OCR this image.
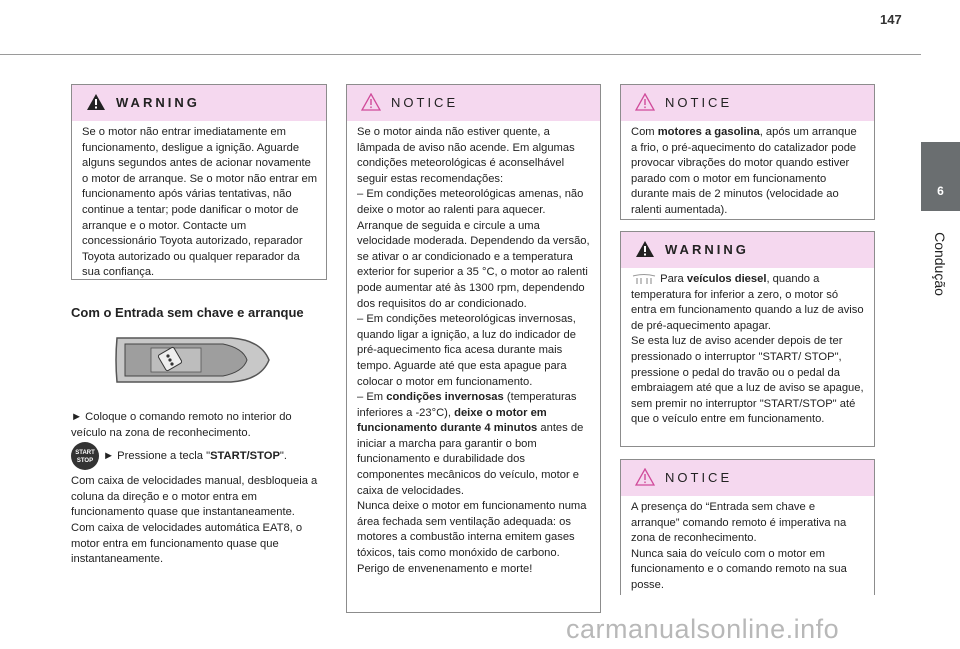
147
6
Condução
WARNING

Se o motor não entrar imediatamente em funcionamento, desligue a ignição. Aguarde alguns segundos antes de acionar novamente o motor de arranque. Se o motor não entrar em funcionamento após várias tentativas, não continue a tentar; pode danificar o motor de arranque e o motor. Contacte um concessionário Toyota autorizado, reparador Toyota autorizado ou qualquer reparador da sua confiança.

Com o Entrada sem chave e arranque
► Coloque o comando remoto no interior do veículo na zona de reconhecimento.
START
STOP ► Pressione a tecla "START/STOP".
Com caixa de velocidades manual, desbloqueia a coluna da direção e o motor entra em funcionamento quase que instantaneamente.
Com caixa de velocidades automática EAT8, o motor entra em funcionamento quase que instantaneamente.
NOTICE

Se o motor ainda não estiver quente, a lâmpada de aviso não acende. Em algumas condições meteorológicas é aconselhável seguir estas recomendações:

– Em condições meteorológicas amenas, não deixe o motor ao ralenti para aquecer. Arranque de seguida e circule a uma velocidade moderada. Dependendo da versão, se ativar o ar condicionado e a temperatura exterior for superior a 35 °C, o motor ao ralenti pode aumentar até às 1300 rpm, dependendo dos requisitos do ar condicionado.

– Em condições meteorológicas invernosas, quando ligar a ignição, a luz do indicador de pré-aquecimento fica acesa durante mais tempo. Aguarde até que esta apague para colocar o motor em funcionamento.

– Em condições invernosas (temperaturas inferiores a -23°C), deixe o motor em funcionamento durante 4 minutos antes de iniciar a marcha para garantir o bom funcionamento e durabilidade dos componentes mecânicos do veículo, motor e caixa de velocidades.

Nunca deixe o motor em funcionamento numa área fechada sem ventilação adequada: os motores a combustão interna emitem gases tóxicos, tais como monóxido de carbono. Perigo de envenenamento e morte!

NOTICE

Com motores a gasolina, após um arranque a frio, o pré-aquecimento do catalizador pode provocar vibrações do motor quando estiver parado com o motor em funcionamento durante mais de 2 minutos (velocidade ao ralenti aumentada).

WARNING

Para veículos diesel, quando a temperatura for inferior a zero, o motor só entra em funcionamento quando a luz de aviso de pré-aquecimento apagar.

Se esta luz de aviso acender depois de ter pressionado o interruptor "START/ STOP", pressione o pedal do travão ou o pedal da embraiagem até que a luz de aviso se apague, sem premir no interruptor "START/STOP" até que o veículo entre em funcionamento.

NOTICE

A presença do “Entrada sem chave e arranque” comando remoto é imperativa na zona de reconhecimento.

Nunca saia do veículo com o motor em funcionamento e o comando remoto na sua posse.

carmanualsonline.info
